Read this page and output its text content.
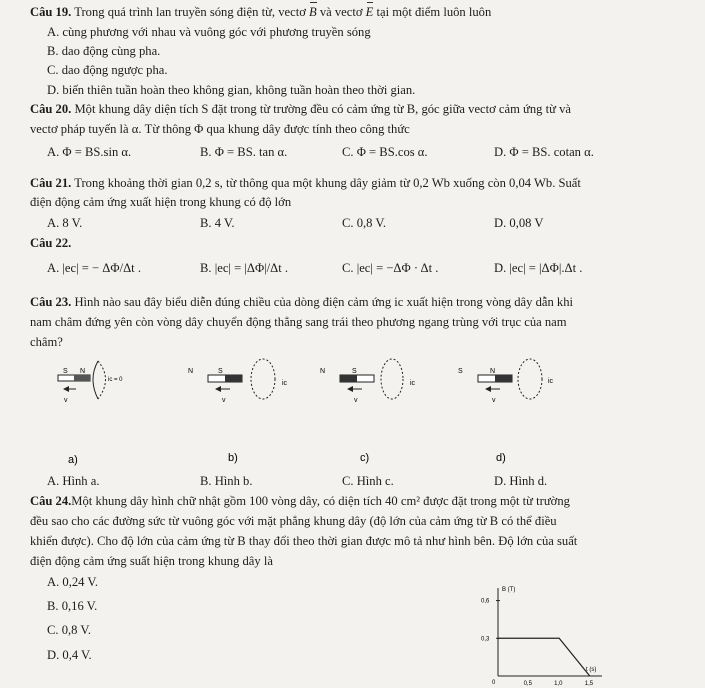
Câu 19. Trong quá trình lan truyền sóng điện từ, vectơ B và vectơ E tại một điểm luôn luôn
A. cùng phương với nhau và vuông góc với phương truyền sóng
B. dao động cùng pha.
C. dao động ngược pha.
D. biến thiên tuần hoàn theo không gian, không tuần hoàn theo thời gian.
Câu 20. Một khung dây diện tích S đặt trong từ trường đều có cảm ứng từ B, góc giữa vectơ cảm ứng từ và
vectơ pháp tuyến là α. Từ thông Φ qua khung dây được tính theo công thức
A. Φ = BS.sin α.	B. Φ = BS. tan α.	C. Φ = BS.cos α.	D. Φ = BS. cotan α.
Câu 21. Trong khoảng thời gian 0,2 s, từ thông qua một khung dây giảm từ 0,2 Wb xuống còn 0,04 Wb. Suất
điện động cảm ứng xuất hiện trong khung có độ lớn
A. 8 V.	B. 4 V.	C. 0,8 V.	D. 0,08 V
Câu 22.
A. |ec| = − ΔΦ/Δt .	B. |ec| = |ΔΦ|/Δt .	C. |ec| = −ΔΦ · Δt .	D. |ec| = |ΔΦ|.Δt .
Câu 23. Hình nào sau đây biểu diễn đúng chiều của dòng điện cảm ứng ic xuất hiện trong vòng dây dẫn khi
nam châm đứng yên còn vòng dây chuyển động thẳng sang trái theo phương ngang trùng với trục của nam
châm?
S N
v
ic = 0
N	S
v
ic
N	S
v
ic
S	N
v
ic
a)	b)	c)	d)
A. Hình a.	B. Hình b.	C. Hình c.	D. Hình d.
Câu 24.Một khung dây hình chữ nhật gồm 100 vòng dây, có diện tích 40 cm² được đặt trong một từ trường
đều sao cho các đường sức từ vuông góc với mặt phẳng khung dây (độ lớn của cảm ứng từ B có thể điều
khiển được). Cho độ lớn của cảm ứng từ B thay đổi theo thời gian được mô tả như hình bên. Độ lớn của suất
điện động cảm ứng suất hiện trong khung dây là
A. 0,24 V.
B. 0,16 V.
C. 0,8 V.
D. 0,4 V.
B (T)
t (s)
0
0,3
0,6
0,5	1,0	1,5
